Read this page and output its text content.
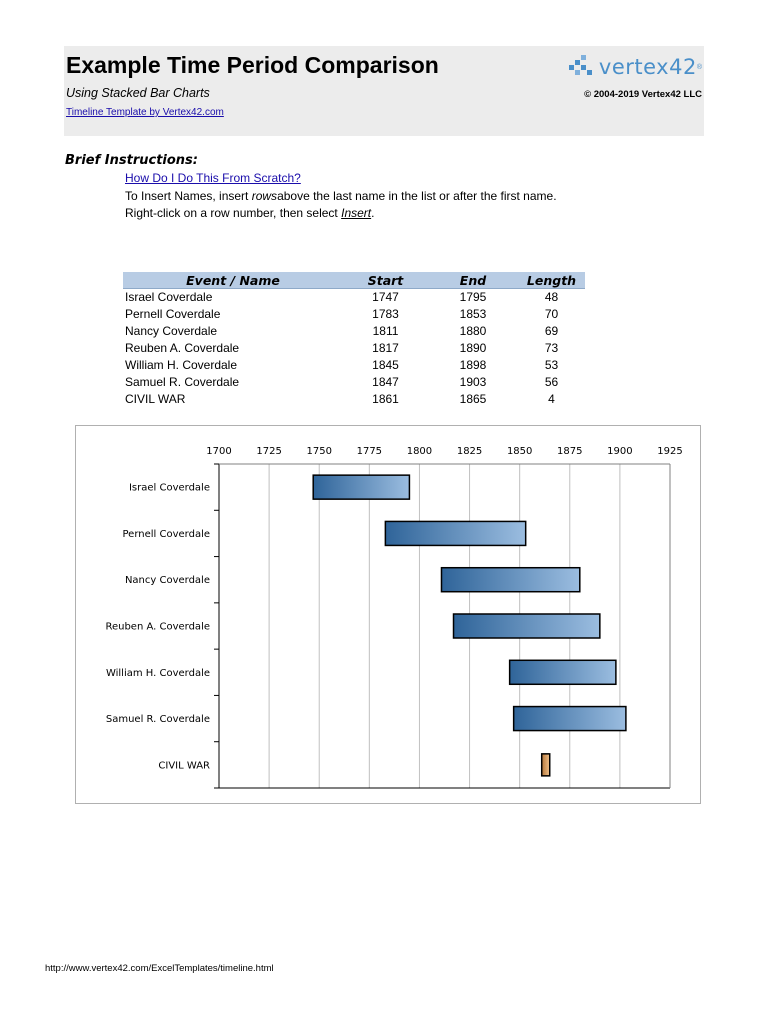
Example Time Period Comparison
Using Stacked Bar Charts
Timeline Template by Vertex42.com
vertex42 ®
© 2004-2019 Vertex42 LLC
Brief Instructions:
How Do I Do This From Scratch?
To Insert Names, insert rowsabove the last name in the list or after the first name.
Right-click on a row number, then select Insert.
Event / Name	Start	End	Length
Israel Coverdale	1747	1795	48
Pernell Coverdale	1783	1853	70
Nancy Coverdale	1811	1880	69
Reuben A. Coverdale	1817	1890	73
William H. Coverdale	1845	1898	53
Samuel R. Coverdale	1847	1903	56
CIVIL WAR	1861	1865	4
1700 1725 1750 1775 1800 1825 1850 1875 1900 1925
Israel Coverdale
Pernell Coverdale
Nancy Coverdale
Reuben A. Coverdale
William H. Coverdale
Samuel R. Coverdale
CIVIL WAR
http://www.vertex42.com/ExcelTemplates/timeline.html
